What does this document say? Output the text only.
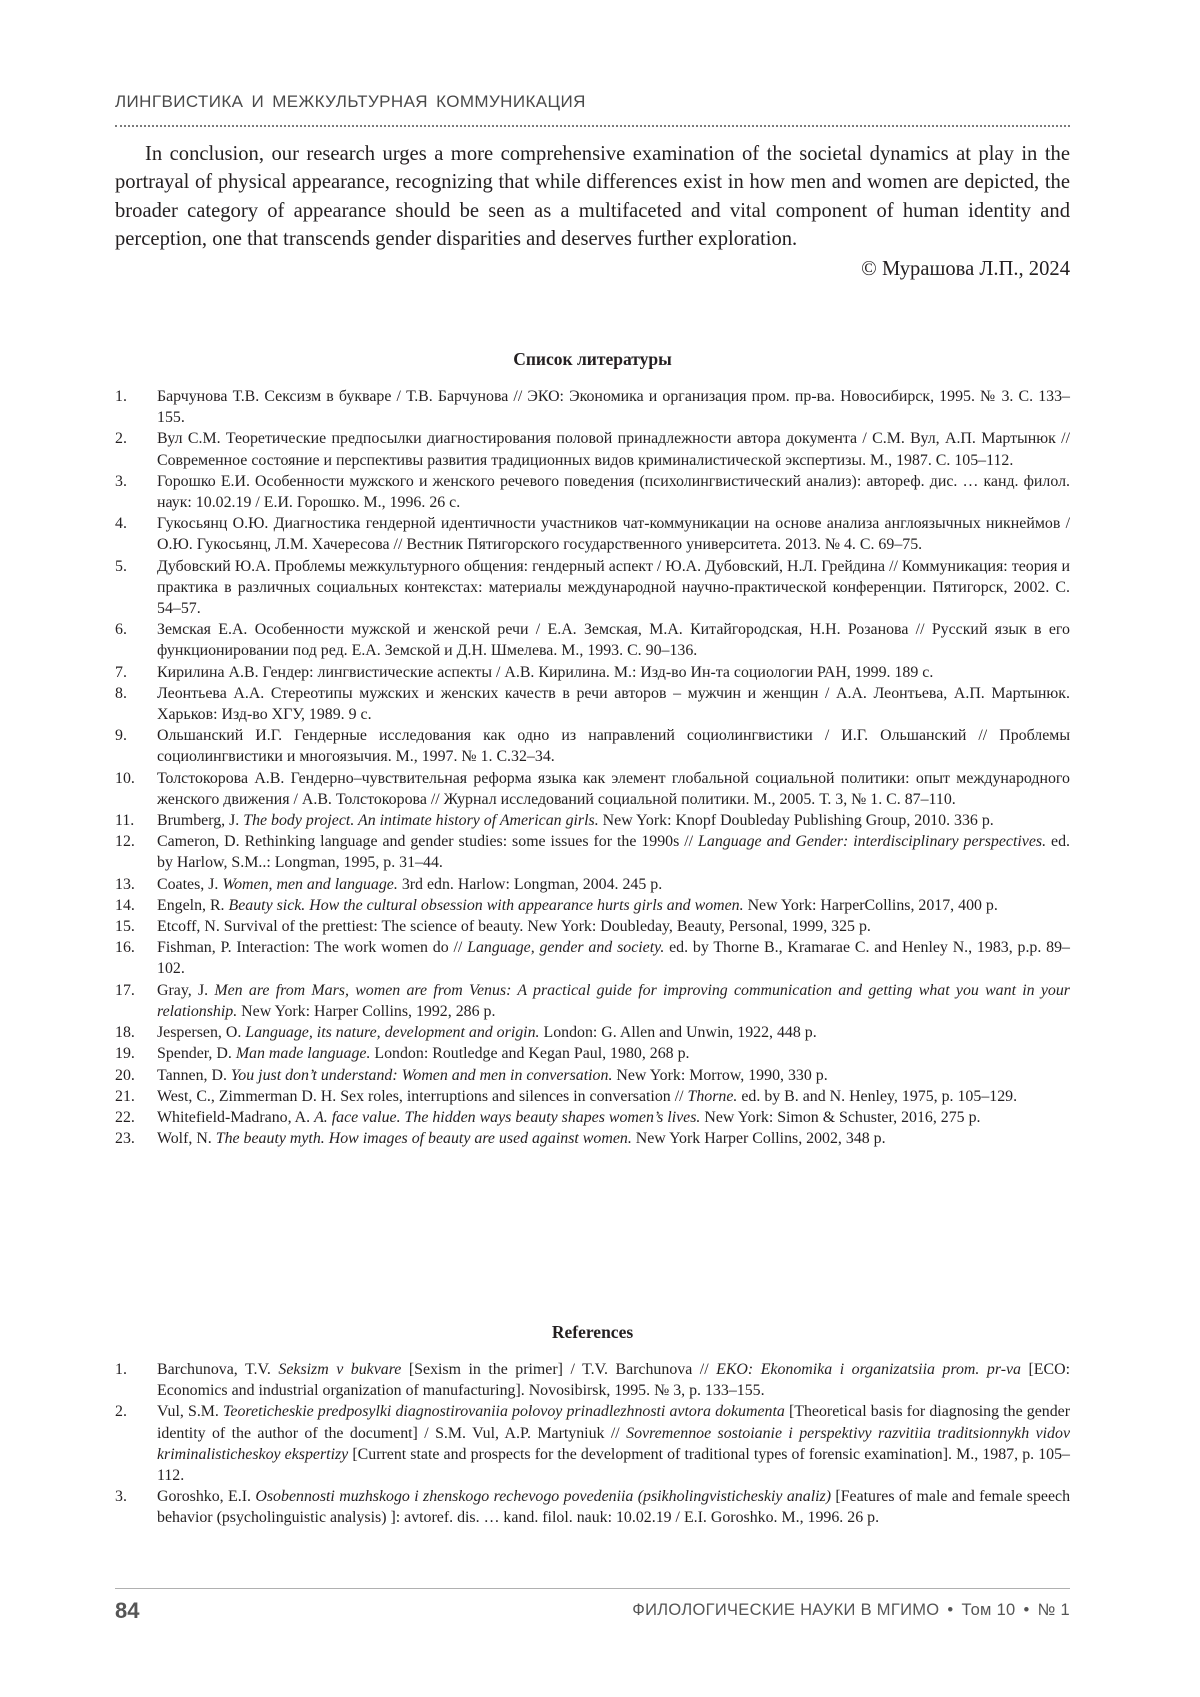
ЛИНГВИСТИКА И МЕЖКУЛЬТУРНАЯ КОММУНИКАЦИЯ

In conclusion, our research urges a more comprehensive examination of the societal dynamics at play in the portrayal of physical appearance, recognizing that while differences exist in how men and women are depicted, the broader category of appearance should be seen as a multifaceted and vital component of human identity and perception, one that transcends gender disparities and deserves further exploration.

© Мурашова Л.П., 2024

Список литературы
1. Барчунова Т.В. Сексизм в букваре / Т.В. Барчунова // ЭКО: Экономика и организация пром. пр-ва. Новосибирск, 1995. № 3. С. 133–155.
2. Вул С.М. Теоретические предпосылки диагностирования половой принадлежности автора документа / С.М. Вул, А.П. Мартынюк // Современное состояние и перспективы развития традиционных видов криминалистической экспертизы. М., 1987. С. 105–112.
3. Горошко Е.И. Особенности мужского и женского речевого поведения (психолингвистический анализ): автореф. дис. … канд. филол. наук: 10.02.19 / Е.И. Горошко. М., 1996. 26 с.
4. Гукосьянц О.Ю. Диагностика гендерной идентичности участников чат-коммуникации на основе анализа англоязычных никнеймов / О.Ю. Гукосьянц, Л.М. Хачересова // Вестник Пятигорского государственного университета. 2013. № 4. С. 69–75.
5. Дубовский Ю.А. Проблемы межкультурного общения: гендерный аспект / Ю.А. Дубовский, Н.Л. Грейдина // Коммуникация: теория и практика в различных социальных контекстах: материалы международной научно-практической конференции. Пятигорск, 2002. С. 54–57.
6. Земская Е.А. Особенности мужской и женской речи / Е.А. Земская, М.А. Китайгородская, Н.Н. Розанова // Русский язык в его функционировании под ред. Е.А. Земской и Д.Н. Шмелева. М., 1993. С. 90–136.
7. Кирилина А.В. Гендер: лингвистические аспекты / А.В. Кирилина. М.: Изд-во Ин-та социологии РАН, 1999. 189 с.
8. Леонтьева А.А. Стереотипы мужских и женских качеств в речи авторов – мужчин и женщин / А.А. Леонтьева, А.П. Мартынюк. Харьков: Изд-во ХГУ, 1989. 9 с.
9. Ольшанский И.Г. Гендерные исследования как одно из направлений социолингвистики / И.Г. Ольшанский // Проблемы социолингвистики и многоязычия. М., 1997. № 1. С.32–34.
10. Толстокорова А.В. Гендерно–чувствительная реформа языка как элемент глобальной социальной политики: опыт международного женского движения / А.В. Толстокорова // Журнал исследований социальной политики. М., 2005. Т. 3, № 1. С. 87–110.
11. Brumberg, J. The body project. An intimate history of American girls. New York: Knopf Doubleday Publishing Group, 2010. 336 p.
12. Cameron, D. Rethinking language and gender studies: some issues for the 1990s // Language and Gender: interdisciplinary perspectives. ed. by Harlow, S.M..: Longman, 1995, p. 31–44.
13. Coates, J. Women, men and language. 3rd edn. Harlow: Longman, 2004. 245 p.
14. Engeln, R. Beauty sick. How the cultural obsession with appearance hurts girls and women. New York: HarperCollins, 2017, 400 p.
15. Etcoff, N. Survival of the prettiest: The science of beauty. New York: Doubleday, Beauty, Personal, 1999, 325 p.
16. Fishman, P. Interaction: The work women do // Language, gender and society. ed. by Thorne B., Kramarae C. and Henley N., 1983, p.p. 89–102.
17. Gray, J. Men are from Mars, women are from Venus: A practical guide for improving communication and getting what you want in your relationship. New York: Harper Collins, 1992, 286 p.
18. Jespersen, O. Language, its nature, development and origin. London: G. Allen and Unwin, 1922, 448 p.
19. Spender, D. Man made language. London: Routledge and Kegan Paul, 1980, 268 p.
20. Tannen, D. You just don’t understand: Women and men in conversation. New York: Morrow, 1990, 330 p.
21. West, C., Zimmerman D. H. Sex roles, interruptions and silences in conversation // Thorne. ed. by B. and N. Henley, 1975, p. 105–129.
22. Whitefield-Madrano, A. A. face value. The hidden ways beauty shapes women’s lives. New York: Simon & Schuster, 2016, 275 p.
23. Wolf, N. The beauty myth. How images of beauty are used against women. New York Harper Collins, 2002, 348 p.
References
1. Barchunova, T.V. Seksizm v bukvare [Sexism in the primer] / T.V. Barchunova // EKO: Ekonomika i organizatsiia prom. pr-va [ECO: Economics and industrial organization of manufacturing]. Novosibirsk, 1995. № 3, p. 133–155.
2. Vul, S.M. Teoreticheskie predposylki diagnostirovaniia polovoy prinadlezhnosti avtora dokumenta [Theoretical basis for diagnosing the gender identity of the author of the document] / S.M. Vul, A.P. Martyniuk // Sovremennoe sostoianie i perspektivy razvitiia traditsionnykh vidov kriminalisticheskoy ekspertizy [Current state and prospects for the development of traditional types of forensic examination]. M., 1987, p. 105–112.
3. Goroshko, E.I. Osobennosti muzhskogo i zhenskogo rechevogo povedeniia (psikholingvisticheskiy analiz) [Features of male and female speech behavior (psycholinguistic analysis) ]: avtoref. dis. … kand. filol. nauk: 10.02.19 / E.I. Goroshko. M., 1996. 26 p.
84	ФИЛОЛОГИЧЕСКИЕ НАУКИ В МГИМО • Том 10 • № 1
